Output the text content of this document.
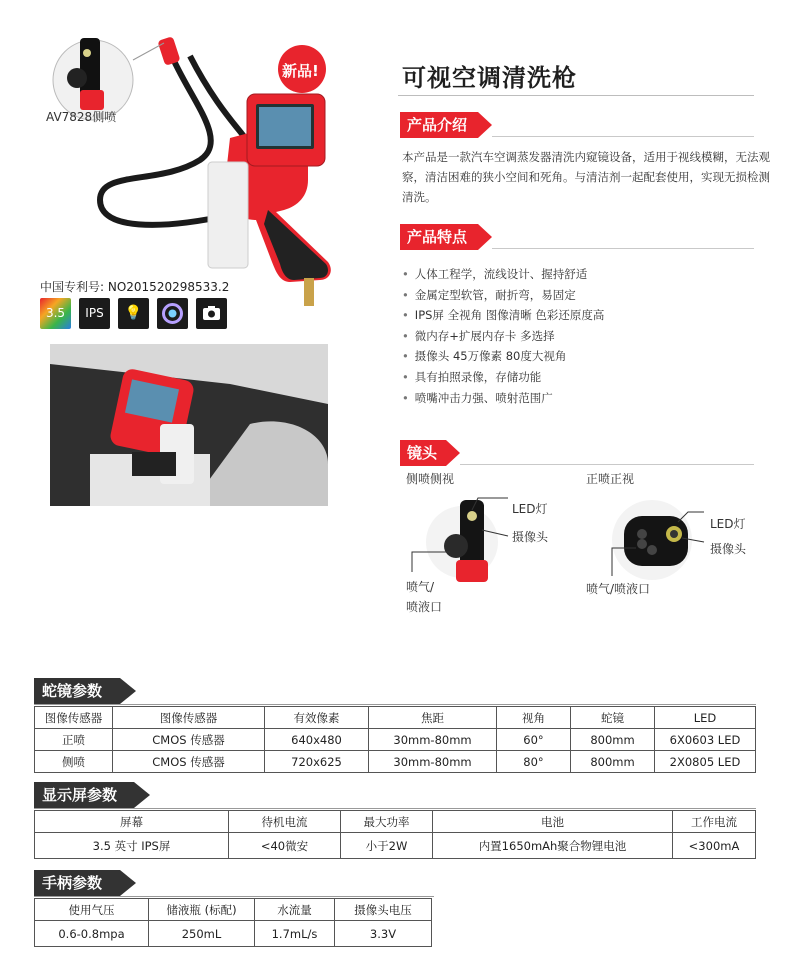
新品!
AV7828侧喷
中国专利号: NO201520298533.2
3.5	IPS	💡
可视空调清洗枪
产品介绍
本产品是一款汽车空调蒸发器清洗内窥镜设备，适用于视线模糊，无法观察，清洁困难的狭小空间和死角。与清洁剂一起配套使用，实现无损检测清洗。
产品特点
• 人体工程学，流线设计、握持舒适
• 金属定型软管，耐折弯，易固定
• IPS屏 全视角 图像清晰 色彩还原度高
• 微内存+扩展内存卡 多选择
• 摄像头 45万像素 80度大视角
• 具有拍照录像，存储功能
• 喷嘴冲击力强、喷射范围广
镜头
侧喷侧视	正喷正视
LED灯
摄像头
喷气/
喷液口
LED灯
摄像头
喷气/喷液口
蛇镜参数
图像传感器	图像传感器	有效像素	焦距	视角	蛇镜	LED
正喷	CMOS 传感器	640x480	30mm-80mm	60°	800mm	6X0603 LED
侧喷	CMOS 传感器	720x625	30mm-80mm	80°	800mm	2X0805 LED
显示屏参数
屏幕	待机电流	最大功率	电池	工作电流
3.5 英寸 IPS屏	<40微安	小于2W	内置1650mAh聚合物锂电池	<300mA
手柄参数
使用气压	储液瓶 (标配)	水流量	摄像头电压
0.6-0.8mpa	250mL	1.7mL/s	3.3V
